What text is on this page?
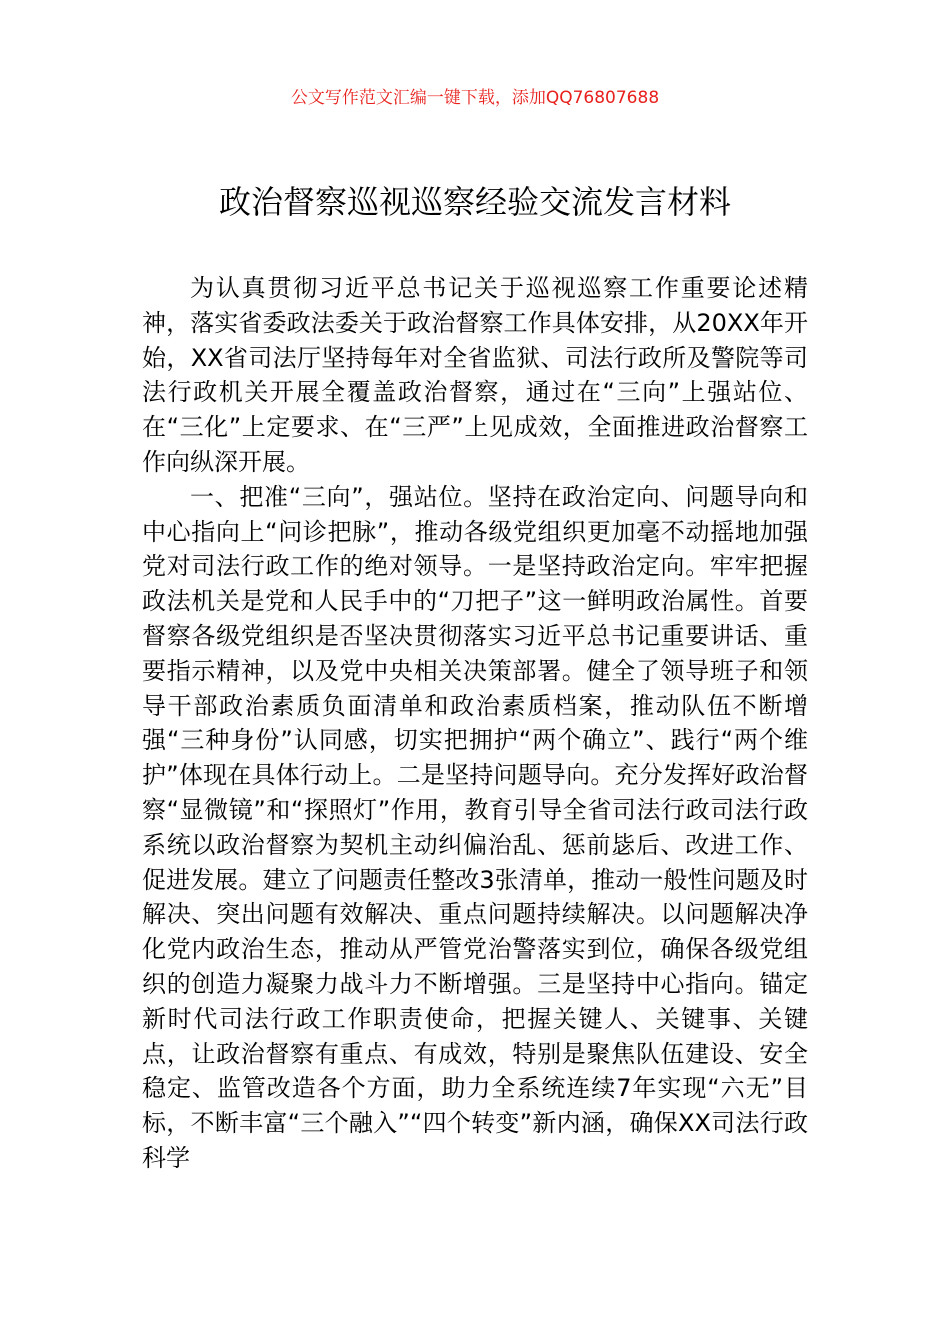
公文写作范文汇编一键下载，添加QQ76807688
政治督察巡视巡察经验交流发言材料

为认真贯彻习近平总书记关于巡视巡察工作重要论述精神，落实省委政法委关于政治督察工作具体安排，从20XX年开始，XX省司法厅坚持每年对全省监狱、司法行政所及警院等司法行政机关开展全覆盖政治督察，通过在“三向”上强站位、在“三化”上定要求、在“三严”上见成效，全面推进政治督察工作向纵深开展。

一、把准“三向”，强站位。坚持在政治定向、问题导向和中心指向上“问诊把脉”，推动各级党组织更加毫不动摇地加强党对司法行政工作的绝对领导。一是坚持政治定向。牢牢把握政法机关是党和人民手中的“刀把子”这一鲜明政治属性。首要督察各级党组织是否坚决贯彻落实习近平总书记重要讲话、重要指示精神，以及党中央相关决策部署。健全了领导班子和领导干部政治素质负面清单和政治素质档案，推动队伍不断增强“三种身份”认同感，切实把拥护“两个确立”、践行“两个维护”体现在具体行动上。二是坚持问题导向。充分发挥好政治督察“显微镜”和“探照灯”作用，教育引导全省司法行政司法行政系统以政治督察为契机主动纠偏治乱、惩前毖后、改进工作、促进发展。建立了问题责任整改3张清单，推动一般性问题及时解决、突出问题有效解决、重点问题持续解决。以问题解决净化党内政治生态，推动从严管党治警落实到位，确保各级党组织的创造力凝聚力战斗力不断增强。三是坚持中心指向。锚定新时代司法行政工作职责使命，把握关键人、关键事、关键点，让政治督察有重点、有成效，特别是聚焦队伍建设、安全稳定、监管改造各个方面，助力全系统连续7年实现“六无”目标，不断丰富“三个融入”“四个转变”新内涵，确保XX司法行政科学
